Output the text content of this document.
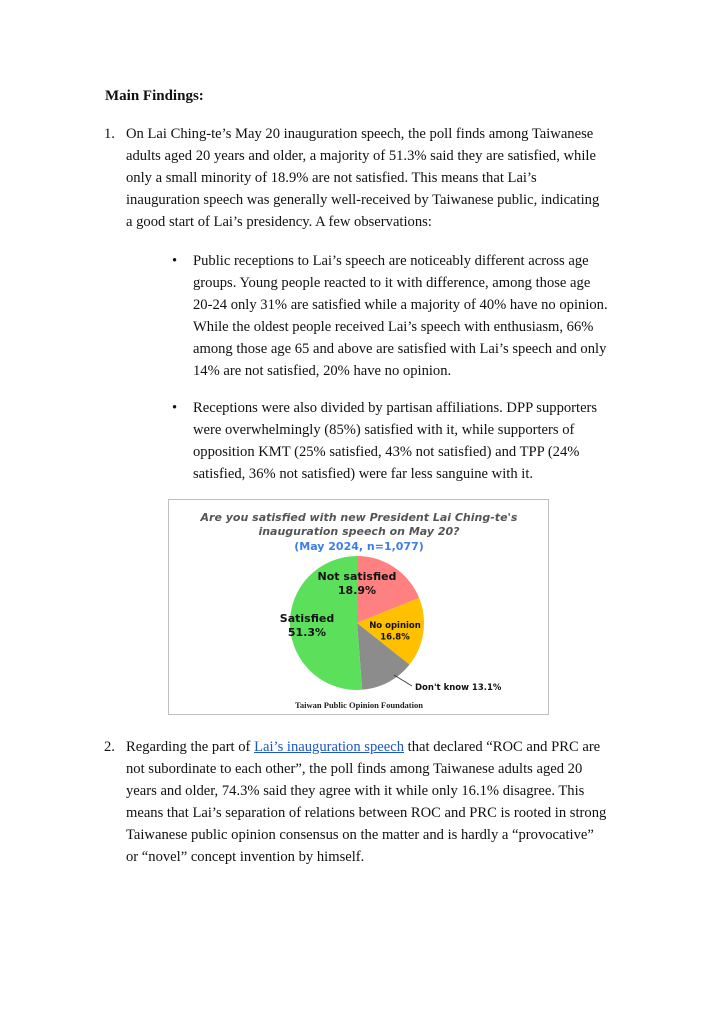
Main Findings:
1. On Lai Ching-te’s May 20 inauguration speech, the poll finds among Taiwanese
adults aged 20 years and older, a majority of 51.3% said they are satisfied, while
only a small minority of 18.9% are not satisfied. This means that Lai’s
inauguration speech was generally well-received by Taiwanese public, indicating
a good start of Lai’s presidency. A few observations:
• Public receptions to Lai’s speech are noticeably different across age
groups. Young people reacted to it with difference, among those age
20-24 only 31% are satisfied while a majority of 40% have no opinion.
While the oldest people received Lai’s speech with enthusiasm, 66%
among those age 65 and above are satisfied with Lai’s speech and only
14% are not satisfied, 20% have no opinion.
• Receptions were also divided by partisan affiliations. DPP supporters
were overwhelmingly (85%) satisfied with it, while supporters of
opposition KMT (25% satisfied, 43% not satisfied) and TPP (24%
satisfied, 36% not satisfied) were far less sanguine with it.
Are you satisfied with new President Lai Ching-te's
inauguration speech on May 20?
(May 2024, n=1,077)
Not satisfied
18.9%
No opinion
16.8%
Don't know 13.1%
Satisfied
51.3%
Taiwan Public Opinion Foundation
2. Regarding the part of Lai’s inauguration speech that declared “ROC and PRC are
not subordinate to each other”, the poll finds among Taiwanese adults aged 20
years and older, 74.3% said they agree with it while only 16.1% disagree. This
means that Lai’s separation of relations between ROC and PRC is rooted in strong
Taiwanese public opinion consensus on the matter and is hardly a “provocative”
or “novel” concept invention by himself.
